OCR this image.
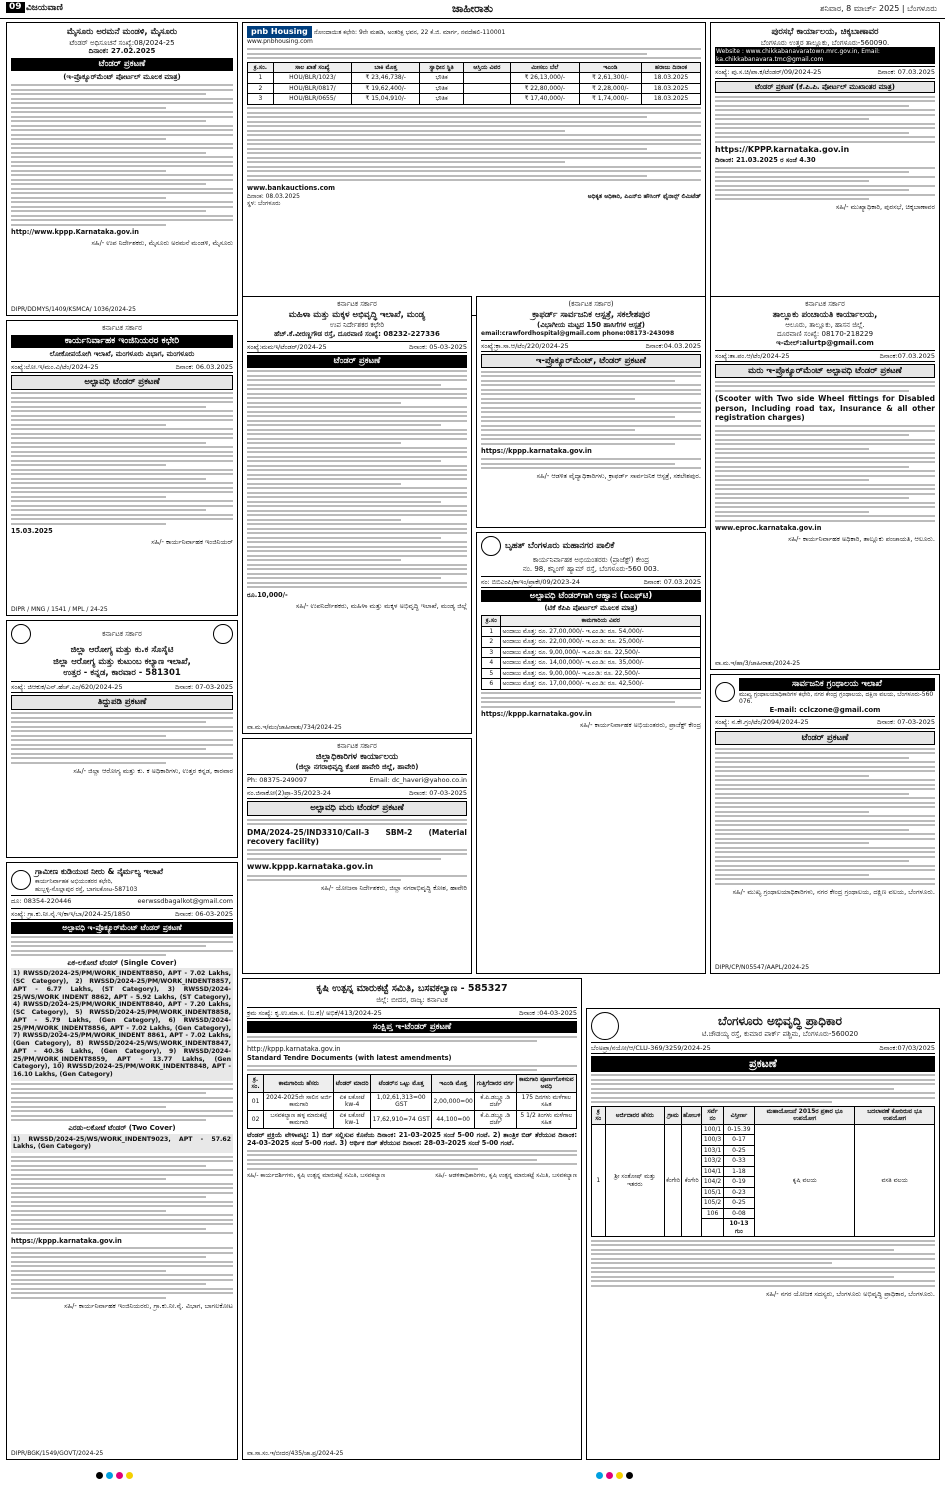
09 ವಿಜಯವಾಣಿ	ಜಾಹೀರಾತು	ಶನಿವಾರ, 8 ಮಾರ್ಚ್ 2025 | ಬೆಂಗಳೂರು
ಮೈಸೂರು ಅರಮನೆ ಮಂಡಳಿ, ಮೈಸೂರು
ಟೆಂಡರ್ ಅಧಿಸೂಚನೆ ಸಂಖ್ಯೆ:08/2024-25
ದಿನಾಂಕ: 27.02.2025
ಟೆಂಡರ್ ಪ್ರಕಟಣೆ
(ಇ-ಪ್ರೊಕ್ಯೂರ್‌ಮೆಂಟ್ ಪೋರ್ಟಲ್ ಮೂಲಕ ಮಾತ್ರ)

http://www.kppp.Karnataka.gov.in

ಸಹಿ/- ಉಪ ನಿರ್ದೇಶಕರು, ಮೈಸೂರು ಅರಮನೆ ಮಂಡಳಿ, ಮೈಸೂರು
DIPR/DDMYS/1409/KSMCA/ 1036/2024-25
pnb Housing ನೋಂದಾಯಿತ ಕಛೇರಿ: 9ನೇ ಮಹಡಿ, ಅಂತರಿಕ್ಷ ಭವನ, 22 ಕೆ.ಜಿ. ಮಾರ್ಗ, ನವದೆಹಲಿ-110001
www.pnbhousing.com
ಕ್ರ.ಸಂ.	ಸಾಲ ಖಾತೆ ಸಂಖ್ಯೆ	ಬಾಕಿ ಮೊತ್ತ	ಸ್ವಾಧೀನ ಸ್ಥಿತಿ	ಆಸ್ತಿಯ ವಿವರ	ಮೀಸಲು ಬೆಲೆ	ಇಎಂಡಿ	ಹರಾಜು ದಿನಾಂಕ
1	HOU/BLR/1023/	₹ 23,46,738/-	ಭೌತಿಕ		₹ 26,13,000/-	₹ 2,61,300/-	18.03.2025
2	HOU/BLR/0817/	₹ 19,62,400/-	ಭೌತಿಕ		₹ 22,80,000/-	₹ 2,28,000/-	18.03.2025
3	HOU/BLR/0655/	₹ 15,04,910/-	ಭೌತಿಕ		₹ 17,40,000/-	₹ 1,74,000/-	18.03.2025

www.bankauctions.com

ದಿನಾಂಕ: 08.03.2025
ಸ್ಥಳ: ಬೆಂಗಳೂರು
ಅಧಿಕೃತ ಅಧಿಕಾರಿ, ಪಿಎನ್‌ಬಿ ಹೌಸಿಂಗ್ ಫೈನಾನ್ಸ್ ಲಿಮಿಟೆಡ್
ಪುರಸಭೆ ಕಾರ್ಯಾಲಯ, ಚಿಕ್ಕಬಾಣಾವರ
ಬೆಂಗಳೂರು ಉತ್ತರ ತಾಲ್ಲೂಕು, ಬೆಂಗಳೂರು-560090.
Website : www.chikkabanavaratown.mrc.gov.in, Email: ka.chikkabanavara.tmc@gmail.com
ಸಂಖ್ಯೆ: ಪು.ಸ.ಚಿ/ಪಾ.ಕ/ಟೆಂಡರ್/09/2024-25	ದಿನಾಂಕ: 07.03.2025
ಟೆಂಡರ್ ಪ್ರಕಟಣೆ (ಕೆ.ಪಿ.ಪಿ. ಪೋರ್ಟಲ್ ಮುಖಾಂತರ ಮಾತ್ರ)

https://KPPP.karnataka.gov.in

ದಿನಾಂಕ: 21.03.2025 ರ ಸಂಜೆ 4.30

ಸಹಿ/- ಮುಖ್ಯಾಧಿಕಾರಿ, ಪುರಸಭೆ, ಚಿಕ್ಕಬಾಣಾವರ
ಕರ್ನಾಟಕ ಸರ್ಕಾರ
ಕಾರ್ಯನಿರ್ವಾಹಕ ಇಂಜಿನಿಯರರ ಕಛೇರಿ
ಲೋಕೋಪಯೋಗಿ ಇಲಾಖೆ, ಮಂಗಳೂರು ವಿಭಾಗ, ಮಂಗಳೂರು
ಸಂಖ್ಯೆ:ಲೋ.ಇ/ಮಂ.ವಿ/ಟೆಂ/2024-25	ದಿನಾಂಕ: 06.03.2025
ಅಲ್ಪಾವಧಿ ಟೆಂಡರ್ ಪ್ರಕಟಣೆ

15.03.2025

ಸಹಿ/- ಕಾರ್ಯನಿರ್ವಾಹಕ ಇಂಜಿನಿಯರ್
DIPR / MNG / 1541 / MPL / 24-25
ಕರ್ನಾಟಕ ಸರ್ಕಾರ
ಮಹಿಳಾ ಮತ್ತು ಮಕ್ಕಳ ಅಭಿವೃದ್ಧಿ ಇಲಾಖೆ, ಮಂಡ್ಯ
ಉಪ ನಿರ್ದೇಶಕರ ಕಛೇರಿ
ಹೆಚ್.ಕೆ.ವೀರಣ್ಣಗೌಡ ರಸ್ತೆ, ದೂರವಾಣಿ ಸಂಖ್ಯೆ: 08232-227336
ಸಂಖ್ಯೆ:ಮಮಇ/ಟೆಂಡರ್/2024-25	ದಿನಾಂಕ: 05-03-2025
ಟೆಂಡರ್ ಪ್ರಕಟಣೆ

ರೂ.10,000/-

ಸಹಿ/- ಉಪನಿರ್ದೇಶಕರು, ಮಹಿಳಾ ಮತ್ತು ಮಕ್ಕಳ ಅಭಿವೃದ್ಧಿ ಇಲಾಖೆ, ಮಂಡ್ಯ ಜಿಲ್ಲೆ
ವಾ.ಮ.ಇ/ಮಂ/ಜಾಹೀರಾತು/734/2024-25
(ಕರ್ನಾಟಕ ಸರ್ಕಾರ)
ಕ್ರಾಫರ್ಡ್ ಸಾರ್ವಜನಿಕ ಆಸ್ಪತ್ರೆ, ಸಕಲೇಶಪುರ
(ವಿಭಾಗೀಯ ಮಟ್ಟದ 150 ಹಾಸಿಗೆಗಳ ಆಸ್ಪತ್ರೆ)
email:crawfordhospital@gmail.com phone:08173-243098
ಸಂಖ್ಯೆ:ಕ್ರಾ.ಸಾ.ಆ/ಟೆಂ/220/2024-25	ದಿನಾಂಕ:04.03.2025
ಇ-ಪ್ರೊಕ್ಯೂರ್‌ಮೆಂಟ್, ಟೆಂಡರ್ ಪ್ರಕಟಣೆ

https://kppp.karnataka.gov.in

ಸಹಿ/- ಆಡಳಿತ ವೈದ್ಯಾಧಿಕಾರಿಗಳು, ಕ್ರಾಫರ್ಡ್ ಸಾರ್ವಜನಿಕ ಆಸ್ಪತ್ರೆ, ಸಕಲೇಶಪುರ.
ಕರ್ನಾಟಕ ಸರ್ಕಾರ
ತಾಲ್ಲೂಕು ಪಂಚಾಯತಿ ಕಾರ್ಯಾಲಯ,
ಆಲೂರು, ತಾಲ್ಲೂಕು, ಹಾಸನ ಜಿಲ್ಲೆ.
ದೂರವಾಣಿ ಸಂಖ್ಯೆ: 08170-218229
ಇ-ಮೇಲ್:alurtp@gmail.com
ಸಂಖ್ಯೆ:ತಾ.ಪಂ.ಆ/ಟೆಂ/2024-25	ದಿನಾಂಕ:07.03.2025
ಮರು ಇ-ಪ್ರೊಕ್ಯೂರ್‌ಮೆಂಟ್ ಅಲ್ಪಾವಧಿ ಟೆಂಡರ್ ಪ್ರಕಟಣೆ

(Scooter with Two side Wheel fittings for Disabled person, Including road tax, Insurance & all other registration charges)

www.eproc.karnataka.gov.in

ಸಹಿ/- ಕಾರ್ಯನಿರ್ವಾಹಕ ಅಧಿಕಾರಿ, ತಾಲ್ಲೂಕು ಪಂಚಾಯತಿ, ಆಲೂರು.
ವಾ.ಮ.ಇ/ಹಾ/3/ಜಾಹೀರಾತು/2024-25
ಕರ್ನಾಟಕ ಸರ್ಕಾರ
ಜಿಲ್ಲಾ ಆರೋಗ್ಯ ಮತ್ತು ಕು.ಕ ಸೊಸೈಟಿ
ಜಿಲ್ಲಾ ಆರೋಗ್ಯ ಮತ್ತು ಕುಟುಂಬ ಕಲ್ಯಾಣ ಇಲಾಖೆ,
ಉತ್ತರ - ಕನ್ನಡ, ಕಾರವಾರ - 581301
ಸಂಖ್ಯೆ: ಜಿಆಕುಕ/ಎನ್.ಹೆಚ್.ಎಂ/620/2024-25	ದಿನಾಂಕ: 07-03-2025
ತಿದ್ದುಪಡಿ ಪ್ರಕಟಣೆ
ಸಹಿ/- ಜಿಲ್ಲಾ ಆರೋಗ್ಯ ಮತ್ತು ಕು. ಕ ಅಧಿಕಾರಿಗಳು, ಉತ್ತರ ಕನ್ನಡ, ಕಾರವಾರ
ಕರ್ನಾಟಕ ಸರ್ಕಾರ
ಜಿಲ್ಲಾಧಿಕಾರಿಗಳ ಕಾರ್ಯಾಲಯ
(ಜಿಲ್ಲಾ ನಗರಾಭಿವೃದ್ಧಿ ಕೋಶ ಹಾವೇರಿ ಜಿಲ್ಲೆ, ಹಾವೇರಿ)
Ph: 08375-249097	Email: dc_haveri@yahoo.co.in
ನಂ.ಜಿನಾಕೋ(2)ಪ್ರಾ-35/2023-24	ದಿನಾಂಕ: 07-03-2025
ಅಲ್ಪಾವಧಿ ಮರು ಟೆಂಡರ್ ಪ್ರಕಟಣೆ

DMA/2024-25/IND3310/Call-3 SBM-2 (Material recovery facility)

www.kppp.karnataka.gov.in

ಸಹಿ/- ಯೋಜನಾ ನಿರ್ದೇಶಕರು, ಜಿಲ್ಲಾ ನಗರಾಭಿವೃದ್ಧಿ ಕೋಶ, ಹಾವೇರಿ
ಬೃಹತ್ ಬೆಂಗಳೂರು ಮಹಾನಗರ ಪಾಲಿಕೆ
ಕಾರ್ಯನಿರ್ವಾಹಕ ಅಭಿಯಂತರರು (ಪ್ರಾಜೆಕ್ಟ್) ಕೇಂದ್ರ
ನಂ. 98, ಕನ್ನಿಂಗ್ ಹ್ಯಾಮ್ ರಸ್ತೆ, ಬೆಂಗಳೂರು-560 003.
ನಂ: ಬಿಬಿಎಂಪಿ/ಕಾಇಂ/ಪ್ರಾಕೇ/09/2023-24	ದಿನಾಂಕ: 07.03.2025
ಅಲ್ಪಾವಧಿ ಟೆಂಡರ್‌ಗಾಗಿ ಆಹ್ವಾನ (ಐಎಫ್‌ಟಿ)
(ಟಿಕೆ ಕೆಪಿಪಿ ಪೋರ್ಟಲ್ ಮೂಲಕ ಮಾತ್ರ)
ಕ್ರ.ಸಂ	ಕಾಮಗಾರಿಯ ವಿವರ
1	ಅಂದಾಜು ಮೊತ್ತ: ರೂ. 27,00,000/- ಇ.ಎಂ.ಡಿ: ರೂ. 54,000/-
2	ಅಂದಾಜು ಮೊತ್ತ: ರೂ. 22,00,000/- ಇ.ಎಂ.ಡಿ: ರೂ. 25,000/-
3	ಅಂದಾಜು ಮೊತ್ತ: ರೂ. 9,00,000/- ಇ.ಎಂ.ಡಿ: ರೂ. 22,500/-
4	ಅಂದಾಜು ಮೊತ್ತ: ರೂ. 14,00,000/- ಇ.ಎಂ.ಡಿ: ರೂ. 35,000/-
5	ಅಂದಾಜು ಮೊತ್ತ: ರೂ. 9,00,000/- ಇ.ಎಂ.ಡಿ: ರೂ. 22,500/-
6	ಅಂದಾಜು ಮೊತ್ತ: ರೂ. 17,00,000/- ಇ.ಎಂ.ಡಿ: ರೂ. 42,500/-

https://kppp.karnataka.gov.in

ಸಹಿ/- ಕಾರ್ಯನಿರ್ವಾಹಕ ಅಭಿಯಂತರರು, ಪ್ರಾಜೆಕ್ಟ್ ಕೇಂದ್ರ
ಸಾರ್ವಜನಿಕ ಗ್ರಂಥಾಲಯ ಇಲಾಖೆ
ಮುಖ್ಯ ಗ್ರಂಥಾಲಯಾಧಿಕಾರಿಗಳ ಕಛೇರಿ, ನಗರ ಕೇಂದ್ರ ಗ್ರಂಥಾಲಯ, ದಕ್ಷಿಣ ವಲಯ, ಬೆಂಗಳೂರು-560 076.
E-mail: cclczone@gmail.com
ಸಂಖ್ಯೆ: ನ.ಕೇ.ಗ್ರಂ/ಟೆಂ/2094/2024-25	ದಿನಾಂಕ: 07-03-2025
ಟೆಂಡರ್ ಪ್ರಕಟಣೆ
ಸಹಿ/- ಮುಖ್ಯ ಗ್ರಂಥಾಲಯಾಧಿಕಾರಿಗಳು, ನಗರ ಕೇಂದ್ರ ಗ್ರಂಥಾಲಯ, ದಕ್ಷಿಣ ವಲಯ, ಬೆಂಗಳೂರು.
DIPR/CP/N05547/AAPL/2024-25
ಗ್ರಾಮೀಣ ಕುಡಿಯುವ ನೀರು & ನೈರ್ಮಲ್ಯ ಇಲಾಖೆ
ಕಾರ್ಯನಿರ್ವಾಹಕ ಅಭಿಯಂತರರ ಕಛೇರಿ,
ಹುಬ್ಬಳ್ಳಿ-ಸೊಲ್ಲಾಪುರ ರಸ್ತೆ, ಬಾಗಲಕೋಟ-587103
ದೂ: 08354-220446	eerwssdbagalkot@gmail.com
ಸಂಖ್ಯೆ: ಗ್ರಾ.ಕು.ನೀ.ನೈ.ಇ/ಕಾಇ/ಬಾ/2024-25/1850	ದಿನಾಂಕ: 06-03-2025
ಅಲ್ಪಾವಧಿ ಇ-ಪ್ರೊಕ್ಯೂರ್‌ಮೆಂಟ್ ಟೆಂಡರ್ ಪ್ರಕಟಣೆ
ಏಕ-ಲಕೋಟೆ ಟೆಂಡರ್ (Single Cover)

1) RWSSD/2024-25/PM/WORK_INDENT8850, APT - 7.02 Lakhs, (SC Category), 2) RWSSD/2024-25/PM/WORK_INDENT8857, APT - 6.77 Lakhs, (ST Category), 3) RWSSD/2024-25/WS/WORK_INDENT 8862, APT - 5.92 Lakhs, (ST Category), 4) RWSSD/2024-25/PM/WORK_INDENT8840, APT - 7.20 Lakhs, (SC Category), 5) RWSSD/2024-25/PM/WORK_INDENT8858, APT - 5.79 Lakhs, (Gen Category), 6) RWSSD/2024-25/PM/WORK_INDENT8856, APT - 7.02 Lakhs, (Gen Category), 7) RWSSD/2024-25/PM/WORK_INDENT 8861, APT - 7.02 Lakhs, (Gen Category), 8) RWSSD/2024-25/WS/WORK_INDENT8847, APT - 40.36 Lakhs, (Gen Category), 9) RWSSD/2024-25/PM/WORK_INDENT8859, APT - 13.77 Lakhs, (Gen Category), 10) RWSSD/2024-25/PM/WORK_INDENT8848, APT - 16.10 Lakhs, (Gen Category)

ಎರಡು-ಲಕೋಟೆ ಟೆಂಡರ್ (Two Cover)

1) RWSSD/2024-25/WS/WORK_INDENT9023, APT - 57.62 Lakhs, (Gen Category)

https://kppp.karnataka.gov.in

ಸಹಿ/- ಕಾರ್ಯನಿರ್ವಾಹಕ ಇಂಜಿನಿಯರರು, ಗ್ರಾ.ಕು.ನೀ.ನೈ. ವಿಭಾಗ, ಬಾಗಲಕೋಟ
DIPR/BGK/1549/GOVT/2024-25
ಕೃಷಿ ಉತ್ಪನ್ನ ಮಾರುಕಟ್ಟೆ ಸಮಿತಿ, ಬಸವಕಲ್ಯಾಣ - 585327
ಜಿಲ್ಲೆ: ಬೀದರ, ರಾಜ್ಯ: ಕರ್ನಾಟಕ
ಕ್ರಮ ಸಂಖ್ಯೆ: ಕೃ.ಉ.ಮಾ.ಸ. (ಬ.ಕ)/ ಅಭಿಕೆ/413/2024-25	ದಿನಾಂಕ :04-03-2025
ಸಂಕ್ಷಿಪ್ತ ಇ-ಟೆಂಡರ್ ಪ್ರಕಟಣೆ

http://kppp.karnataka.gov.in

Standard Tendre Documents (with latest amendments)

ಕ್ರ. ಸಂ.	ಕಾಮಗಾರಿಯ ಹೆಸರು	ಟೆಂಡರ್ ಮಾದರಿ	ಟೆಂಡರ್‌ನ ಒಟ್ಟು ಮೊತ್ತ	ಇಎಂಡಿ ಮೊತ್ತ	ಗುತ್ತಿಗೆದಾರರ ವರ್ಗ	ಕಾಮಗಾರಿ ಪೂರ್ಣಗೊಳಿಸುವ ಅವಧಿ
01	2024-2025ನೇ ಸಾಲಿನ ಅರ್ಜಿ ಕಾಮಗಾರಿ	ಏಕ ಲಕೋಟೆ kw-4	1,02,61,313=00 GST	2,00,000=00	ಕೆ.ಪಿ.ಡಬ್ಲ್ಯೂ.ಡಿ ದರ್ಜೆ	175 ದಿನಗಳು ಮಳೆಗಾಲ ಸಹಿತ
02	ಬಸವಕಲ್ಯಾಣ ಹಳ್ಳ ಮಾರುಕಟ್ಟೆ ಕಾಮಗಾರಿ	ಏಕ ಲಕೋಟೆ kw-1	17,62,910=74 GST	44,100=00	ಕೆ.ಪಿ.ಡಬ್ಲ್ಯೂ.ಡಿ ದರ್ಜೆ	5 1/2 ತಿಂಗಳು ಮಳೆಗಾಲ ಸಹಿತ

ಟೆಂಡರ್ ಪ್ರಕ್ರಿಯೆ ವೇಳಾಪಟ್ಟಿ: 1) ಬಿಡ್ ಸಲ್ಲಿಸುವ ಕೊನೆಯ ದಿನಾಂಕ: 21-03-2025 ಸಂಜೆ 5-00 ಗಂಟೆ. 2) ತಾಂತ್ರಿಕ ಬಿಡ್ ತೆರೆಯುವ ದಿನಾಂಕ: 24-03-2025 ಸಂಜೆ 5-00 ಗಂಟೆ. 3) ಆರ್ಥಿಕ ಬಿಡ್ ತೆರೆಯುವ ದಿನಾಂಕ: 28-03-2025 ಸಂಜೆ 5-00 ಗಂಟೆ.

ಸಹಿ/- ಕಾರ್ಯದರ್ಶಿಗಳು, ಕೃಷಿ ಉತ್ಪನ್ನ ಮಾರುಕಟ್ಟೆ ಸಮಿತಿ, ಬಸವಕಲ್ಯಾಣ	ಸಹಿ/- ಆಡಳಿತಾಧಿಕಾರಿಗಳು, ಕೃಷಿ ಉತ್ಪನ್ನ ಮಾರುಕಟ್ಟೆ ಸಮಿತಿ, ಬಸವಕಲ್ಯಾಣ
ವಾ.ಸಾ.ಸಂ.ಇ/ಬೀದರ/435/ಜಾ.ಪ್ರ/2024-25
ಬೆಂಗಳೂರು ಅಭಿವೃದ್ಧಿ ಪ್ರಾಧಿಕಾರ
ಟಿ.ಚೌಡಯ್ಯ ರಸ್ತೆ, ಕುಮಾರ ಪಾರ್ಕ್ ಪಶ್ಚಿಮ, ಬೆಂಗಳೂರು-560020
ಬೆಂಅಪ್ರಾ/ನಯೋ/ಆ/CLU-369/3259/2024-25	ದಿನಾಂಕ:07/03/2025
ಪ್ರಕಟಣೆ
ಕ್ರ ಸಂ	ಅರ್ಜಿದಾರರ ಹೆಸರು	ಗ್ರಾಮ	ಹೋಬಳಿ	ಸರ್ವೆ ನಂ	ವಿಸ್ತೀರ್ಣ	ಮಹಾಯೋಜನೆ 2015ರ ಪ್ರಕಾರ ಭೂ ಉಪಯೋಗ	ಬದಲಾವಣೆ ಕೋರಿರುವ ಭೂ ಉಪಯೋಗ
1	ಶ್ರೀ ಸಂತೋಷ್ ಮತ್ತು ಇತರರು	ಕೆಂಗೇರಿ	ಕೆಂಗೇರಿ	100/1	0-15.39	ಕೃಷಿ ವಲಯ	ವಸತಿ ವಲಯ
				100/3	0-17		
				103/1	0-25		
				103/2	0-33		
				104/1	1-18		
				104/2	0-19		
				105/1	0-23		
				105/2	0-25		
				106	0-08		
					10-13 ಗುಂ		
ಸಹಿ/- ನಗರ ಯೋಜಕ ಸದಸ್ಯರು, ಬೆಂಗಳೂರು ಅಭಿವೃದ್ಧಿ ಪ್ರಾಧಿಕಾರ, ಬೆಂಗಳೂರು.
